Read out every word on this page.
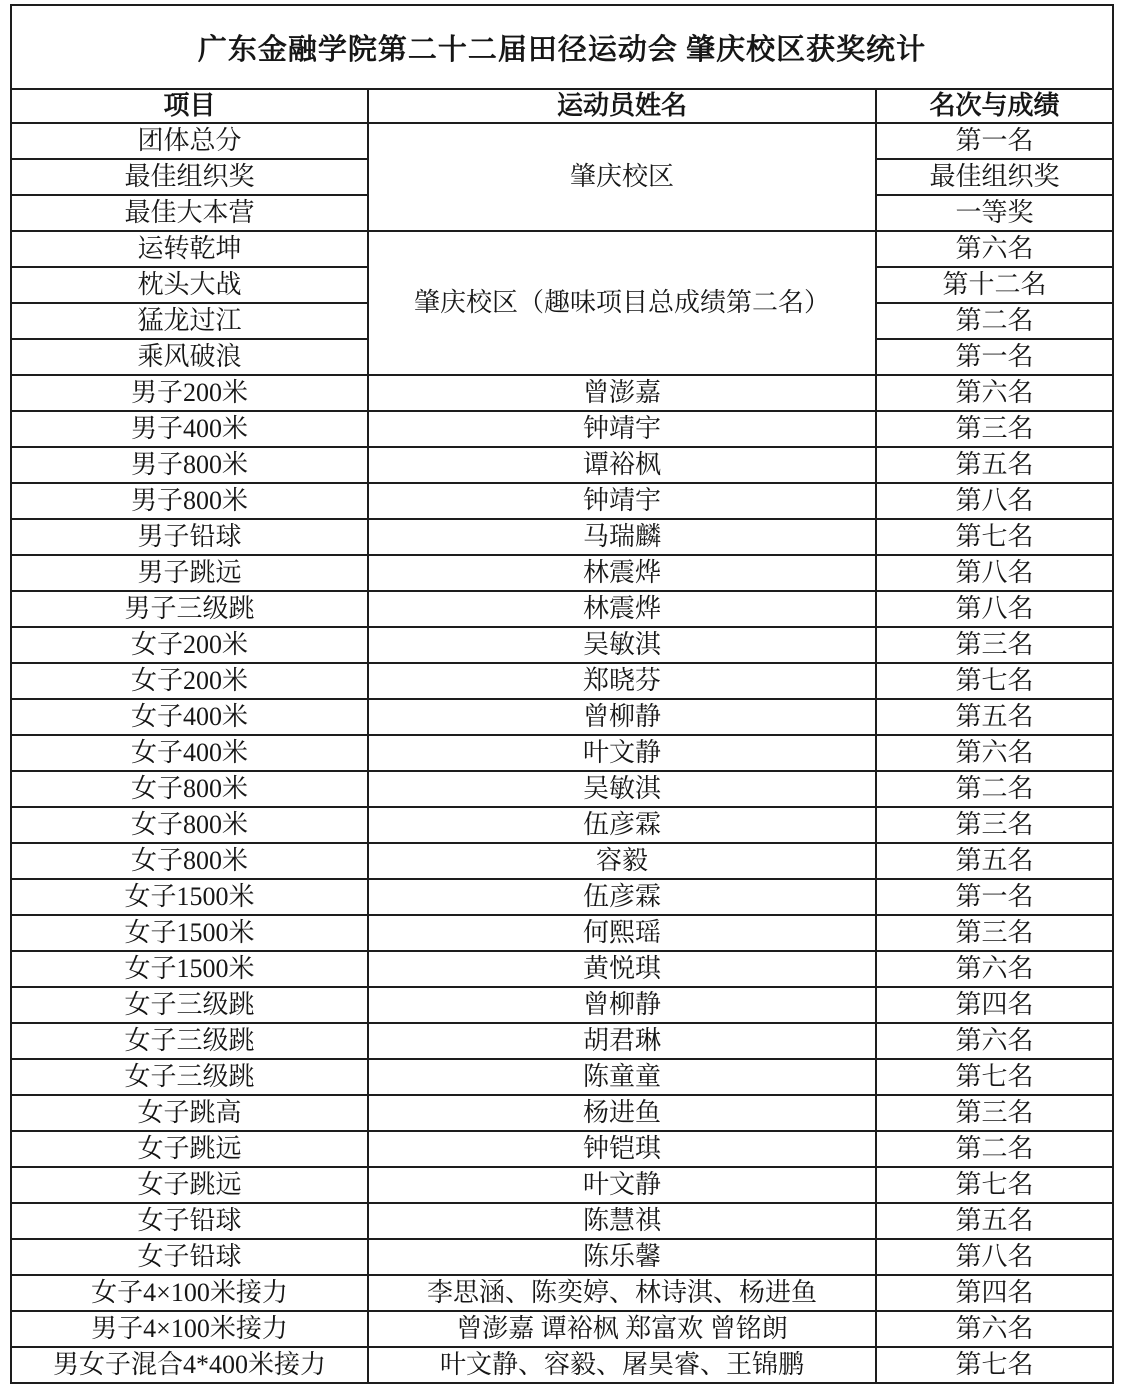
广东金融学院第二十二届田径运动会 肇庆校区获奖统计		
项目	运动员姓名	名次与成绩
团体总分	肇庆校区	第一名
最佳组织奖		最佳组织奖
最佳大本营		一等奖
运转乾坤	肇庆校区（趣味项目总成绩第二名）	第六名
枕头大战		第十二名
猛龙过江		第二名
乘风破浪		第一名
男子200米	曾澎嘉	第六名
男子400米	钟靖宇	第三名
男子800米	谭裕枫	第五名
男子800米	钟靖宇	第八名
男子铅球	马瑞麟	第七名
男子跳远	林震烨	第八名
男子三级跳	林震烨	第八名
女子200米	吴敏淇	第三名
女子200米	郑晓芬	第七名
女子400米	曾柳静	第五名
女子400米	叶文静	第六名
女子800米	吴敏淇	第二名
女子800米	伍彦霖	第三名
女子800米	容毅	第五名
女子1500米	伍彦霖	第一名
女子1500米	何熙瑶	第三名
女子1500米	黄悦琪	第六名
女子三级跳	曾柳静	第四名
女子三级跳	胡君琳	第六名
女子三级跳	陈童童	第七名
女子跳高	杨进鱼	第三名
女子跳远	钟铠琪	第二名
女子跳远	叶文静	第七名
女子铅球	陈慧祺	第五名
女子铅球	陈乐馨	第八名
女子4×100米接力	李思涵、陈奕婷、林诗淇、杨进鱼	第四名
男子4×100米接力	曾澎嘉 谭裕枫 郑富欢 曾铭朗	第六名
男女子混合4*400米接力	叶文静、容毅、屠昊睿、王锦鹏	第七名
